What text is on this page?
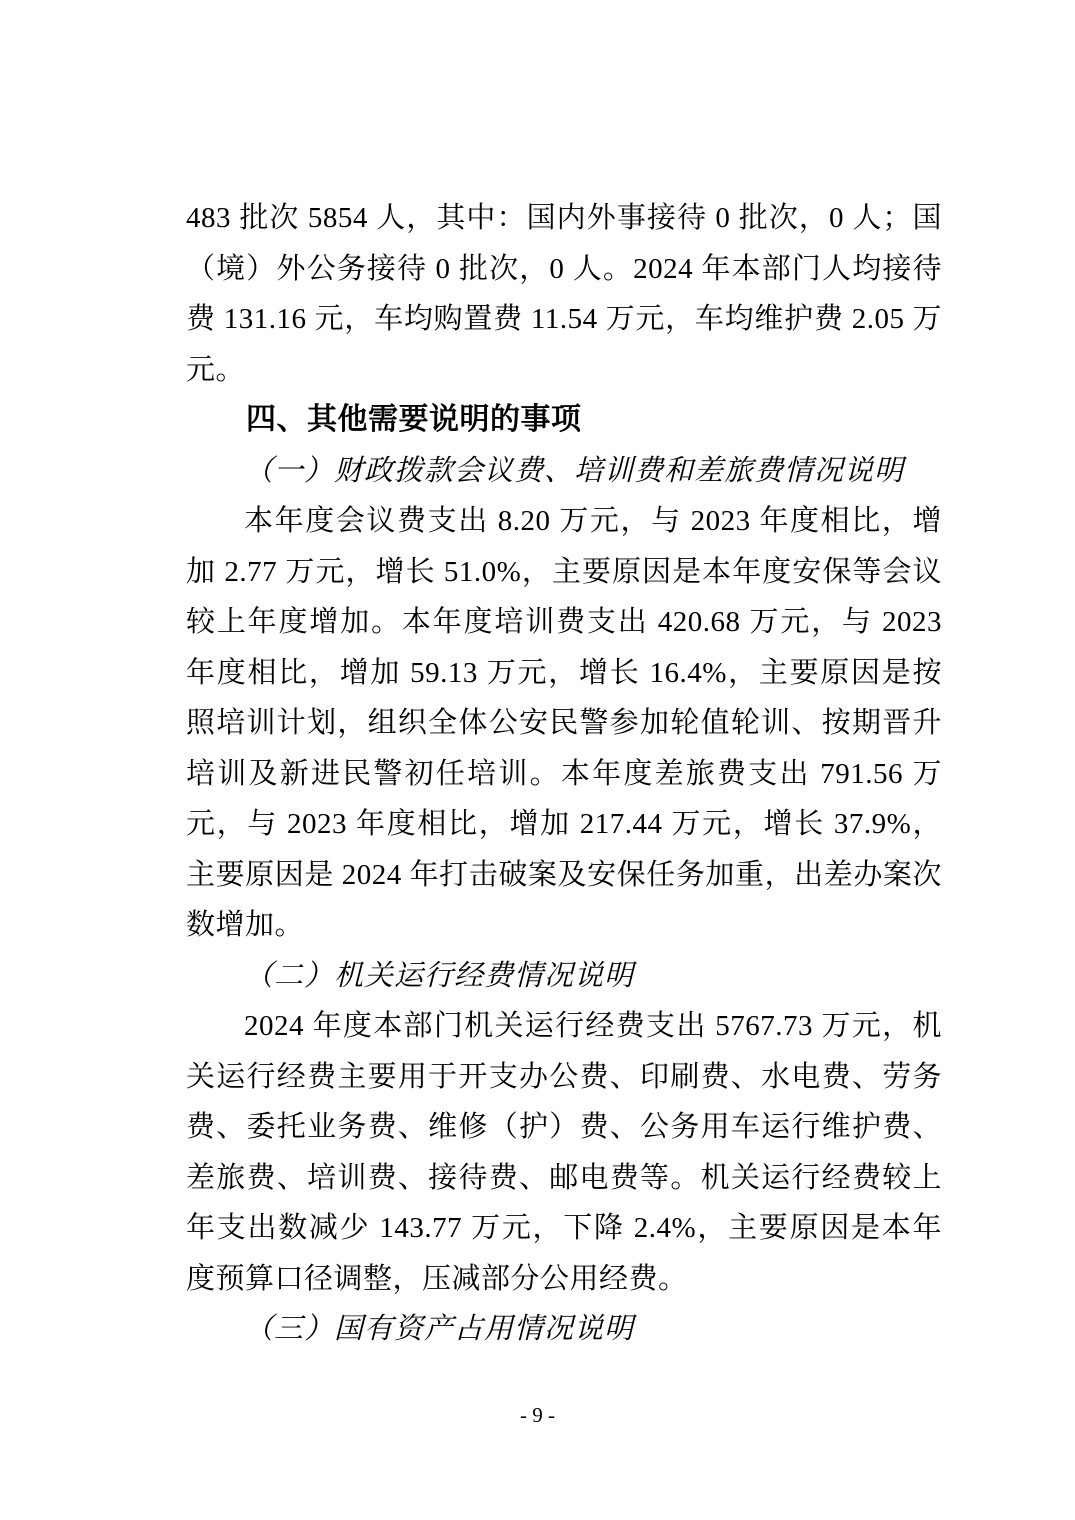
483 批次 5854 人，其中：国内外事接待 0 批次，0 人；国（境）外公务接待 0 批次，0 人。2024 年本部门人均接待费 131.16 元，车均购置费 11.54 万元，车均维护费 2.05 万元。

四、其他需要说明的事项
（一）财政拨款会议费、培训费和差旅费情况说明

本年度会议费支出 8.20 万元，与 2023 年度相比，增加 2.77 万元，增长 51.0%，主要原因是本年度安保等会议较上年度增加。本年度培训费支出 420.68 万元，与 2023 年度相比，增加 59.13 万元，增长 16.4%，主要原因是按照培训计划，组织全体公安民警参加轮值轮训、按期晋升培训及新进民警初任培训。本年度差旅费支出 791.56 万元，与 2023 年度相比，增加 217.44 万元，增长 37.9%，主要原因是 2024 年打击破案及安保任务加重，出差办案次数增加。

（二）机关运行经费情况说明

2024 年度本部门机关运行经费支出 5767.73 万元，机关运行经费主要用于开支办公费、印刷费、水电费、劳务费、委托业务费、维修（护）费、公务用车运行维护费、差旅费、培训费、接待费、邮电费等。机关运行经费较上年支出数减少 143.77 万元，下降 2.4%，主要原因是本年度预算口径调整，压减部分公用经费。

（三）国有资产占用情况说明
- 9 -
